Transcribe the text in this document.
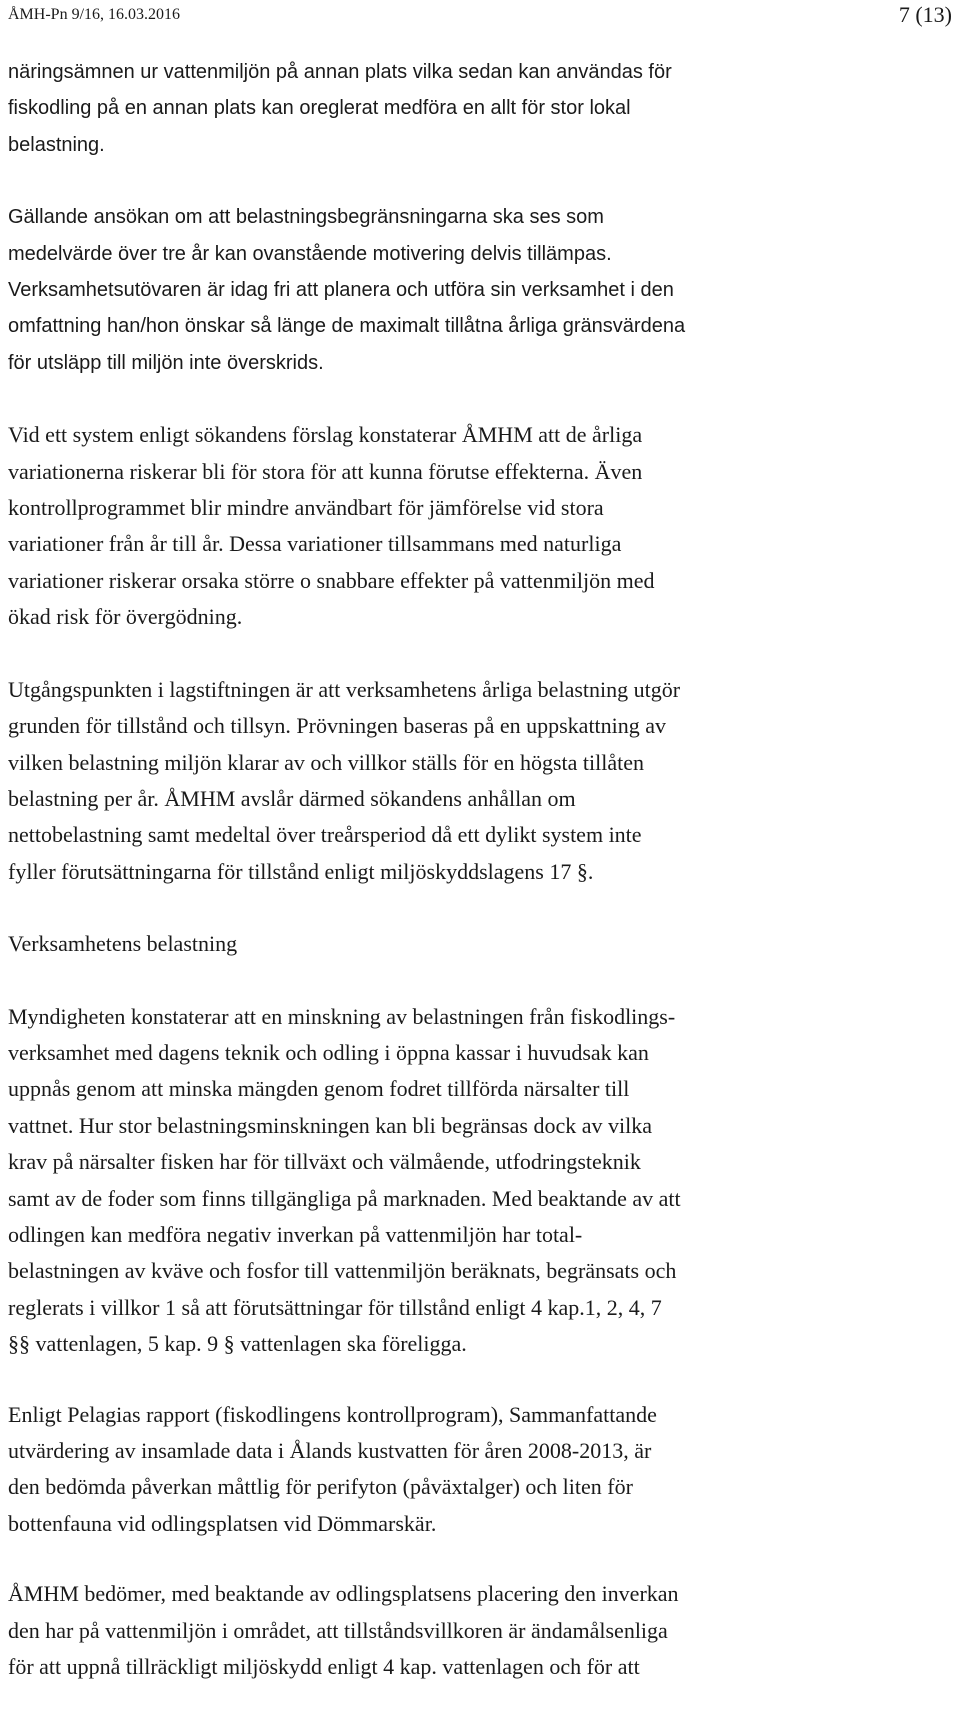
ÅMH-Pn 9/16, 16.03.2016	7 (13)
näringsämnen ur vattenmiljön på annan plats vilka sedan kan användas för
fiskodling på en annan plats kan oreglerat medföra en allt för stor lokal
belastning.
Gällande ansökan om att belastningsbegränsningarna ska ses som
medelvärde över tre år kan ovanstående motivering delvis tillämpas.
Verksamhetsutövaren är idag fri att planera och utföra sin verksamhet i den
omfattning han/hon önskar så länge de maximalt tillåtna årliga gränsvärdena
för utsläpp till miljön inte överskrids.
Vid ett system enligt sökandens förslag konstaterar ÅMHM att de årliga
variationerna riskerar bli för stora för att kunna förutse effekterna. Även
kontrollprogrammet blir mindre användbart för jämförelse vid stora
variationer från år till år. Dessa variationer tillsammans med naturliga
variationer riskerar orsaka större o snabbare effekter på vattenmiljön med
ökad risk för övergödning.
Utgångspunkten i lagstiftningen är att verksamhetens årliga belastning utgör
grunden för tillstånd och tillsyn. Prövningen baseras på en uppskattning av
vilken belastning miljön klarar av och villkor ställs för en högsta tillåten
belastning per år. ÅMHM avslår därmed sökandens anhållan om
nettobelastning samt medeltal över treårsperiod då ett dylikt system inte
fyller förutsättningarna för tillstånd enligt miljöskyddslagens 17 §.
Verksamhetens belastning
Myndigheten konstaterar att en minskning av belastningen från fiskodlings-
verksamhet med dagens teknik och odling i öppna kassar i huvudsak kan
uppnås genom att minska mängden genom fodret tillförda närsalter till
vattnet. Hur stor belastningsminskningen kan bli begränsas dock av vilka
krav på närsalter fisken har för tillväxt och välmående, utfodringsteknik
samt av de foder som finns tillgängliga på marknaden. Med beaktande av att
odlingen kan medföra negativ inverkan på vattenmiljön har total-
belastningen av kväve och fosfor till vattenmiljön beräknats, begränsats och
reglerats i villkor 1 så att förutsättningar för tillstånd enligt 4 kap.1, 2, 4, 7
§§ vattenlagen, 5 kap. 9 § vattenlagen ska föreligga.
Enligt Pelagias rapport (fiskodlingens kontrollprogram), Sammanfattande
utvärdering av insamlade data i Ålands kustvatten för åren 2008-2013, är
den bedömda påverkan måttlig för perifyton (påväxtalger) och liten för
bottenfauna vid odlingsplatsen vid Dömmarskär.
ÅMHM bedömer, med beaktande av odlingsplatsens placering den inverkan
den har på vattenmiljön i området, att tillståndsvillkoren är ändamålsenliga
för att uppnå tillräckligt miljöskydd enligt 4 kap. vattenlagen och för att
